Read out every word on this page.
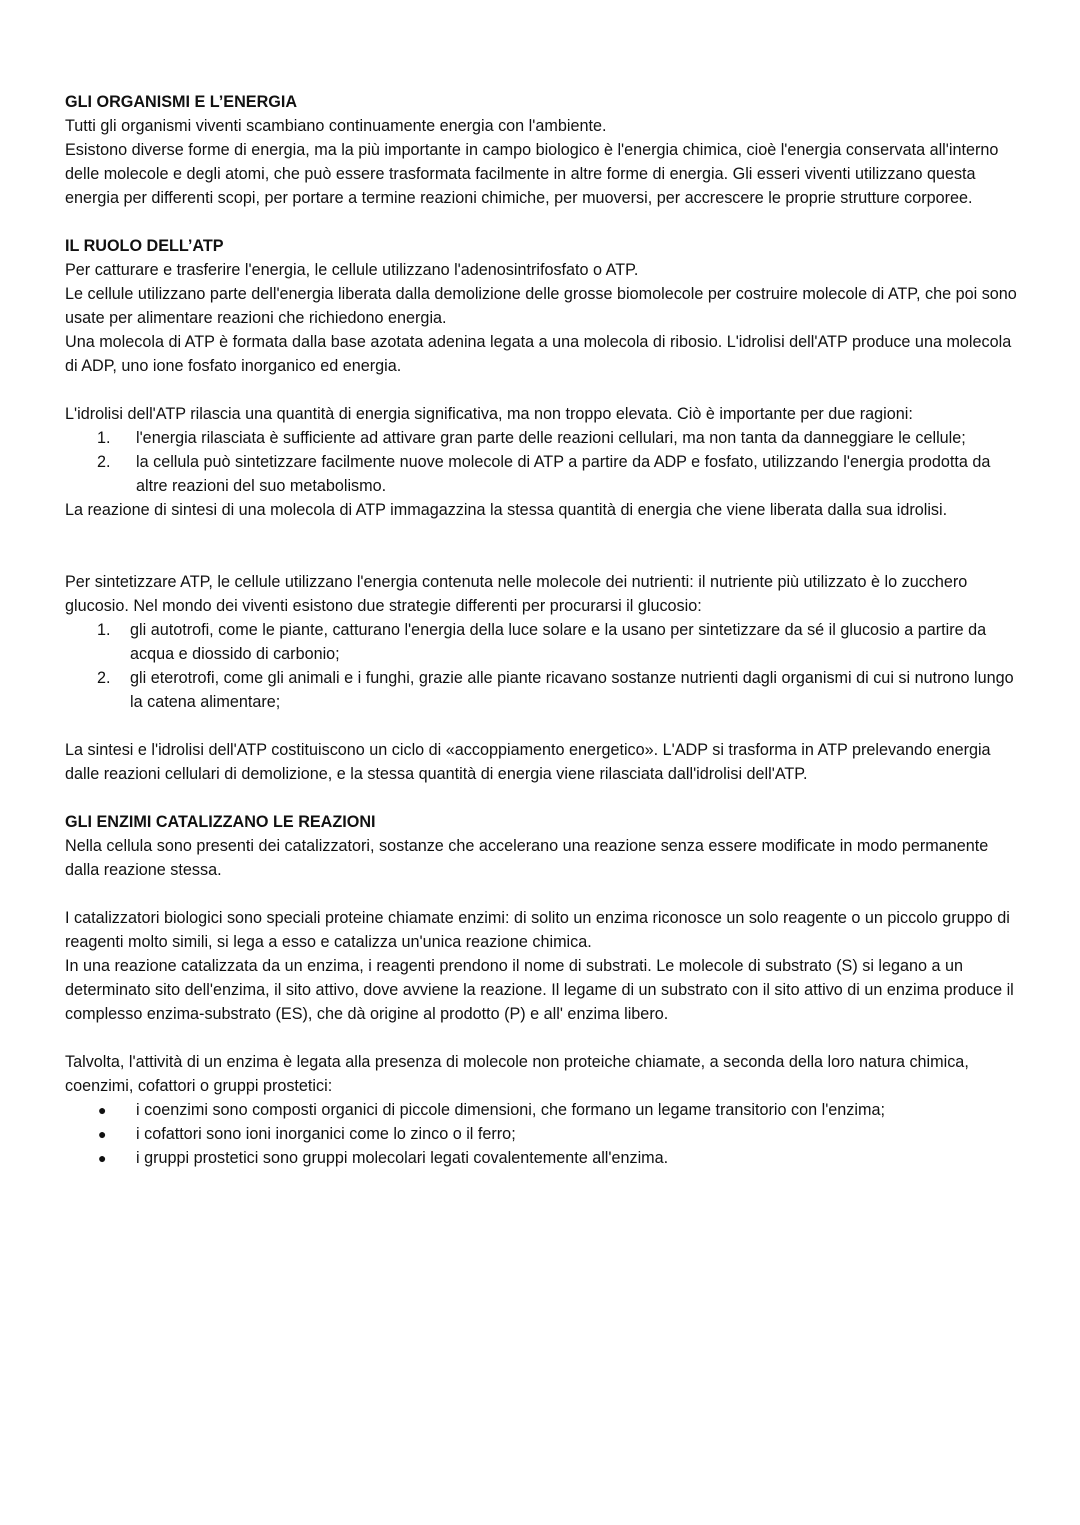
GLI ORGANISMI E L’ENERGIA

Tutti gli organismi viventi scambiano continuamente energia con l'ambiente.

Esistono diverse forme di energia, ma la più importante in campo biologico è l'energia chimica, cioè l'energia conservata all'interno delle molecole e degli atomi, che può essere trasformata facilmente in altre forme di energia. Gli esseri viventi utilizzano questa energia per differenti scopi, per portare a termine reazioni chimiche, per muoversi, per accrescere le proprie strutture corporee.

IL RUOLO DELL’ATP

Per catturare e trasferire l'energia, le cellule utilizzano l'adenosintrifosfato o ATP.

Le cellule utilizzano parte dell'energia liberata dalla demolizione delle grosse biomolecole per costruire molecole di ATP, che poi sono usate per alimentare reazioni che richiedono energia.

Una molecola di ATP è formata dalla base azotata adenina legata a una molecola di ribosio. L'idrolisi dell'ATP produce una molecola di ADP, uno ione fosfato inorganico ed energia.

L'idrolisi dell'ATP rilascia una quantità di energia significativa, ma non troppo elevata. Ciò è importante per due ragioni:

1.	l'energia rilasciata è sufficiente ad attivare gran parte delle reazioni cellulari, ma non tanta da danneggiare le cellule;
2.	la cellula può sintetizzare facilmente nuove molecole di ATP a partire da ADP e fosfato, utilizzando l'energia prodotta da altre reazioni del suo metabolismo.

La reazione di sintesi di una molecola di ATP immagazzina la stessa quantità di energia che viene liberata dalla sua idrolisi.

Per sintetizzare ATP, le cellule utilizzano l'energia contenuta nelle molecole dei nutrienti: il nutriente più utilizzato è lo zucchero glucosio. Nel mondo dei viventi esistono due strategie differenti per procurarsi il glucosio:

1. gli autotrofi, come le piante, catturano l'energia della luce solare e la usano per sintetizzare da sé il glucosio a partire da acqua e diossido di carbonio;
2. gli eterotrofi, come gli animali e i funghi, grazie alle piante ricavano sostanze nutrienti dagli organismi di cui si nutrono lungo la catena alimentare;

La sintesi e l'idrolisi dell'ATP costituiscono un ciclo di «accoppiamento energetico». L'ADP si trasforma in ATP prelevando energia dalle reazioni cellulari di demolizione, e la stessa quantità di energia viene rilasciata dall'idrolisi dell'ATP.

GLI ENZIMI CATALIZZANO LE REAZIONI

Nella cellula sono presenti dei catalizzatori, sostanze che accelerano una reazione senza essere modificate in modo permanente dalla reazione stessa.

I catalizzatori biologici sono speciali proteine chiamate enzimi: di solito un enzima riconosce un solo reagente o un piccolo gruppo di reagenti molto simili, si lega a esso e catalizza un'unica reazione chimica.

In una reazione catalizzata da un enzima, i reagenti prendono il nome di substrati. Le molecole di substrato (S) si legano a un determinato sito dell'enzima, il sito attivo, dove avviene la reazione. Il legame di un substrato con il sito attivo di un enzima produce il complesso enzima-substrato (ES), che dà origine al prodotto (P) e all' enzima libero.

Talvolta, l'attività di un enzima è legata alla presenza di molecole non proteiche chiamate, a seconda della loro natura chimica, coenzimi, cofattori o gruppi prostetici:

● i coenzimi sono composti organici di piccole dimensioni, che formano un legame transitorio con l'enzima;
● i cofattori sono ioni inorganici come lo zinco o il ferro;
● i gruppi prostetici sono gruppi molecolari legati covalentemente all'enzima.
